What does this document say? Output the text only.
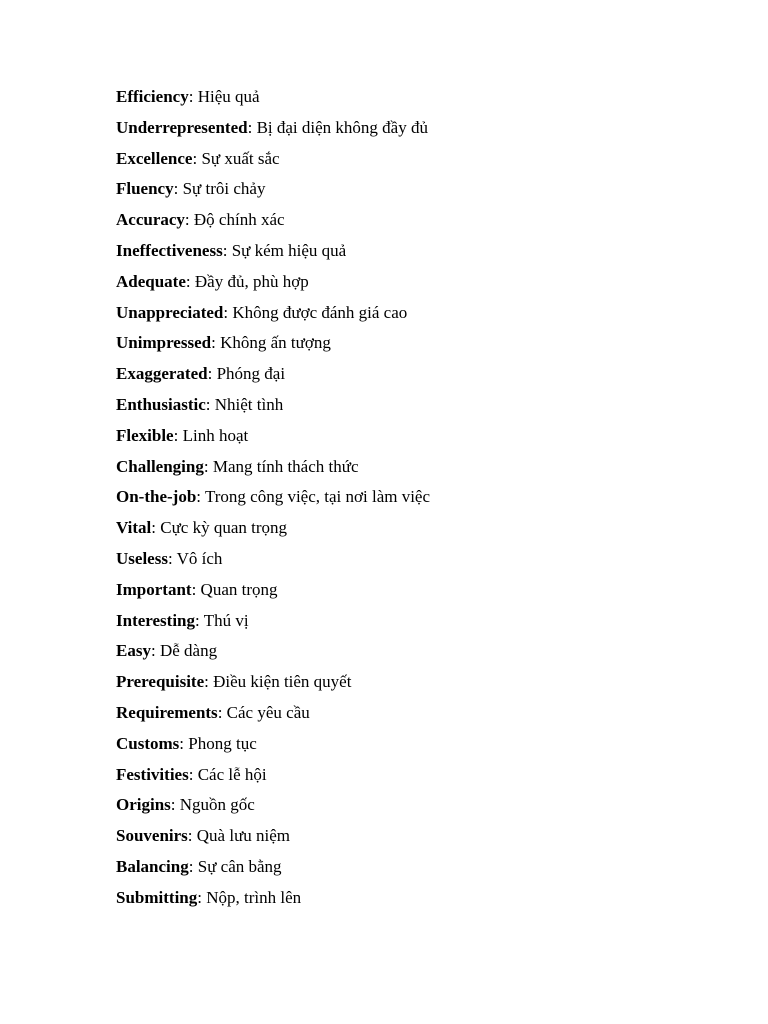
Efficiency: Hiệu quả
Underrepresented: Bị đại diện không đầy đủ
Excellence: Sự xuất sắc
Fluency: Sự trôi chảy
Accuracy: Độ chính xác
Ineffectiveness: Sự kém hiệu quả
Adequate: Đầy đủ, phù hợp
Unappreciated: Không được đánh giá cao
Unimpressed: Không ấn tượng
Exaggerated: Phóng đại
Enthusiastic: Nhiệt tình
Flexible: Linh hoạt
Challenging: Mang tính thách thức
On-the-job: Trong công việc, tại nơi làm việc
Vital: Cực kỳ quan trọng
Useless: Vô ích
Important: Quan trọng
Interesting: Thú vị
Easy: Dễ dàng
Prerequisite: Điều kiện tiên quyết
Requirements: Các yêu cầu
Customs: Phong tục
Festivities: Các lễ hội
Origins: Nguồn gốc
Souvenirs: Quà lưu niệm
Balancing: Sự cân bằng
Submitting: Nộp, trình lên
